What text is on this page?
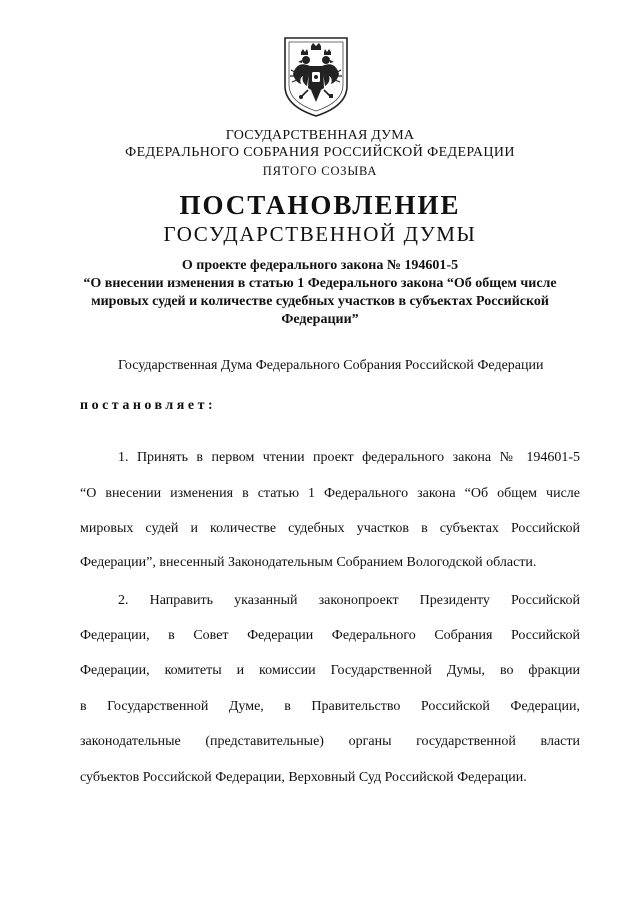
ГОСУДАРСТВЕННАЯ ДУМА

ФЕДЕРАЛЬНОГО СОБРАНИЯ РОССИЙСКОЙ ФЕДЕРАЦИИ

ПЯТОГО СОЗЫВА

ПОСТАНОВЛЕНИЕ

ГОСУДАРСТВЕННОЙ ДУМЫ

О проекте федерального закона № 194601-5
“О внесении изменения в статью 1 Федерального закона “Об общем числе
мировых судей и количестве судебных участков в субъектах Российской
Федерации”

Государственная Дума Федерального Собрания Российской Федерации

постановляет:

1. Принять в первом чтении проект федерального закона № 194601-5

“О внесении изменения в статью 1 Федерального закона “Об общем числе

мировых судей и количестве судебных участков в субъектах Российской

Федерации”, внесенный Законодательным Собранием Вологодской области.

2. Направить указанный законопроект Президенту Российской

Федерации, в Совет Федерации Федерального Собрания Российской

Федерации, комитеты и комиссии Государственной Думы, во фракции

в Государственной Думе, в Правительство Российской Федерации,

законодательные (представительные) органы государственной власти

субъектов Российской Федерации, Верховный Суд Российской Федерации.
